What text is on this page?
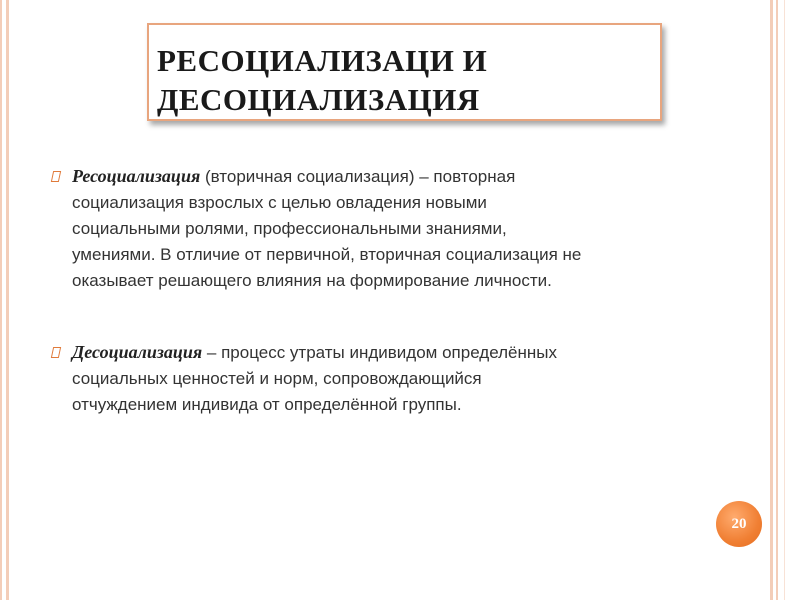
РЕСОЦИАЛИЗАЦИ И
ДЕСОЦИАЛИЗАЦИЯ
Ресоциализация (вторичная социализация) – повторная
социализация взрослых с целью овладения новыми
социальными ролями, профессиональными знаниями,
умениями. В отличие от первичной, вторичная социализация не
оказывает решающего влияния на формирование личности.
Десоциализация – процесс утраты индивидом определённых
социальных ценностей и норм, сопровождающийся
отчуждением индивида от определённой группы.
20
